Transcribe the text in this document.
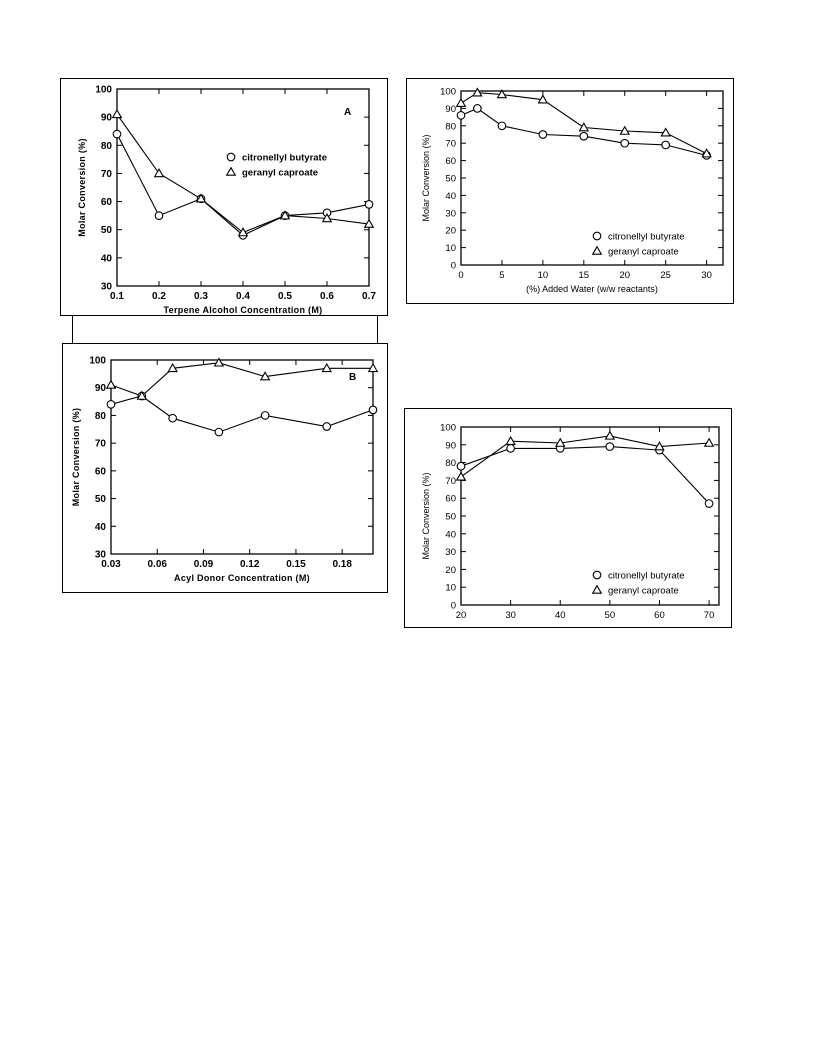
30
40
50
60
70
80
90
100
0.1	0.2	0.3	0.4	0.5	0.6	0.7
Terpene Alcohol Concentration (M)
Molar Conversion (%)
A
citronellyl butyrate
geranyl caproate
30
40
50
60
70
80
90
100
0.03	0.06	0.09	0.12	0.15	0.18
Acyl Donor Concentration (M)
Molar Conversion (%)
B
0
10
20
30
40
50
60
70
80
90
100
0	5	10	15	20	25	30
(%) Added Water (w/w reactants)
Molar Conversion (%)
citronellyl butyrate
geranyl caproate
0
10
20
30
40
50
60
70
80
90
100
20	30	40	50	60	70
Molar Conversion (%)
citronellyl butyrate
geranyl caproate
